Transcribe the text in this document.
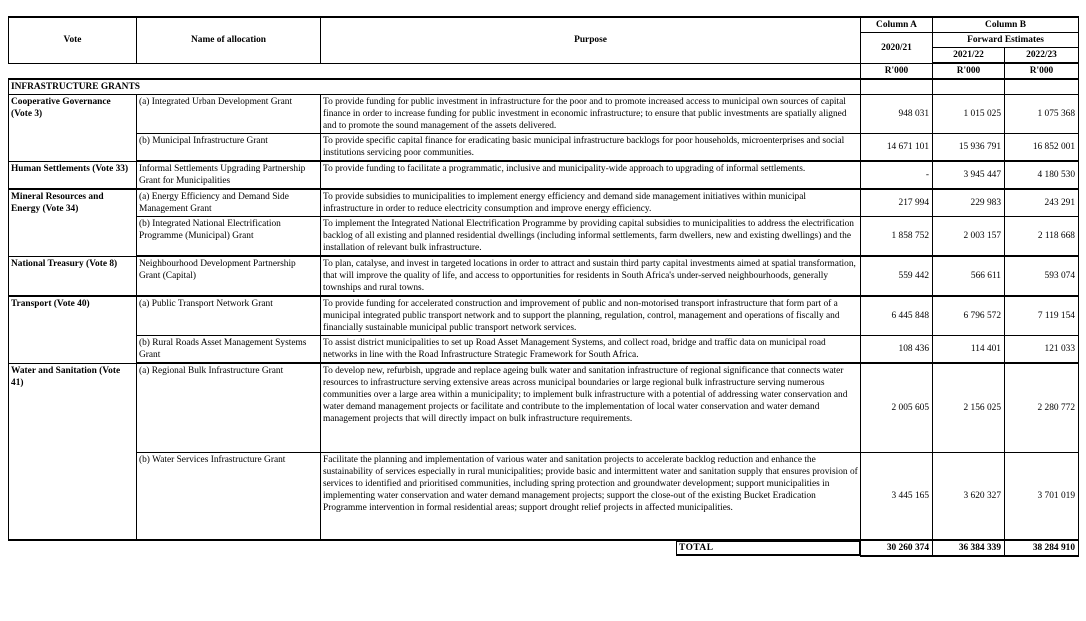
Vote	Name of allocation	Purpose	Column A	Column B	
			2020/21	Forward Estimates	
				2021/22	2022/23
			R'000	R'000	R'000
INFRASTRUCTURE GRANTS					
Cooperative Governance (Vote 3)	(a) Integrated Urban Development Grant	To provide funding for public investment in infrastructure for the poor and to promote increased access to municipal own sources of capital finance in order to increase funding for public investment in economic infrastructure; to ensure that public investments are spatially aligned and to promote the sound management of the assets delivered.	948 031	1 015 025	1 075 368
	(b) Municipal Infrastructure Grant	To provide specific capital finance for eradicating basic municipal infrastructure backlogs for poor households, microenterprises and social institutions servicing poor communities.	14 671 101	15 936 791	16 852 001
Human Settlements (Vote 33)	Informal Settlements Upgrading Partnership Grant for Municipalities	To provide funding to facilitate a programmatic, inclusive and municipality-wide approach to upgrading of informal settlements.	-	3 945 447	4 180 530
Mineral Resources and Energy (Vote 34)	(a) Energy Efficiency and Demand Side Management Grant	To provide subsidies to municipalities to implement energy efficiency and demand side management initiatives within municipal infrastructure in order to reduce electricity consumption and improve energy efficiency.	217 994	229 983	243 291
	(b) Integrated National Electrification Programme (Municipal) Grant	To implement the Integrated National Electrification Programme by providing capital subsidies to municipalities to address the electrification backlog of all existing and planned residential dwellings (including informal settlements, farm dwellers, new and existing dwellings) and the installation of relevant bulk infrastructure.	1 858 752	2 003 157	2 118 668
National Treasury (Vote 8)	Neighbourhood Development Partnership Grant (Capital)	To plan, catalyse, and invest in targeted locations in order to attract and sustain third party capital investments aimed at spatial transformation, that will improve the quality of life, and access to opportunities for residents in South Africa's under-served neighbourhoods, generally townships and rural towns.	559 442	566 611	593 074
Transport (Vote 40)	(a) Public Transport Network Grant	To provide funding for accelerated construction and improvement of public and non-motorised transport infrastructure that form part of a municipal integrated public transport network and to support the planning, regulation, control, management and operations of fiscally and financially sustainable municipal public transport network services.	6 445 848	6 796 572	7 119 154
	(b) Rural Roads Asset Management Systems Grant	To assist district municipalities to set up Road Asset Management Systems, and collect road, bridge and traffic data on municipal road networks in line with the Road Infrastructure Strategic Framework for South Africa.	108 436	114 401	121 033
Water and Sanitation (Vote 41)	(a) Regional Bulk Infrastructure Grant	To develop new, refurbish, upgrade and replace ageing bulk water and sanitation infrastructure of regional significance that connects water resources to infrastructure serving extensive areas across municipal boundaries or large regional bulk infrastructure serving numerous communities over a large area within a municipality; to implement bulk infrastructure with a potential of addressing water conservation and water demand management projects or facilitate and contribute to the implementation of local water conservation and water demand management projects that will directly impact on bulk infrastructure requirements.	2 005 605	2 156 025	2 280 772
	(b) Water Services Infrastructure Grant	Facilitate the planning and implementation of various water and sanitation projects to accelerate backlog reduction and enhance the sustainability of services especially in rural municipalities; provide basic and intermittent water and sanitation supply that ensures provision of services to identified and prioritised communities, including spring protection and groundwater development; support municipalities in implementing water conservation and water demand management projects; support the close-out of the existing Bucket Eradication Programme intervention in formal residential areas; support drought relief projects in affected municipalities.	3 445 165	3 620 327	3 701 019

		TOTAL	30 260 374	36 384 339	38 284 910
